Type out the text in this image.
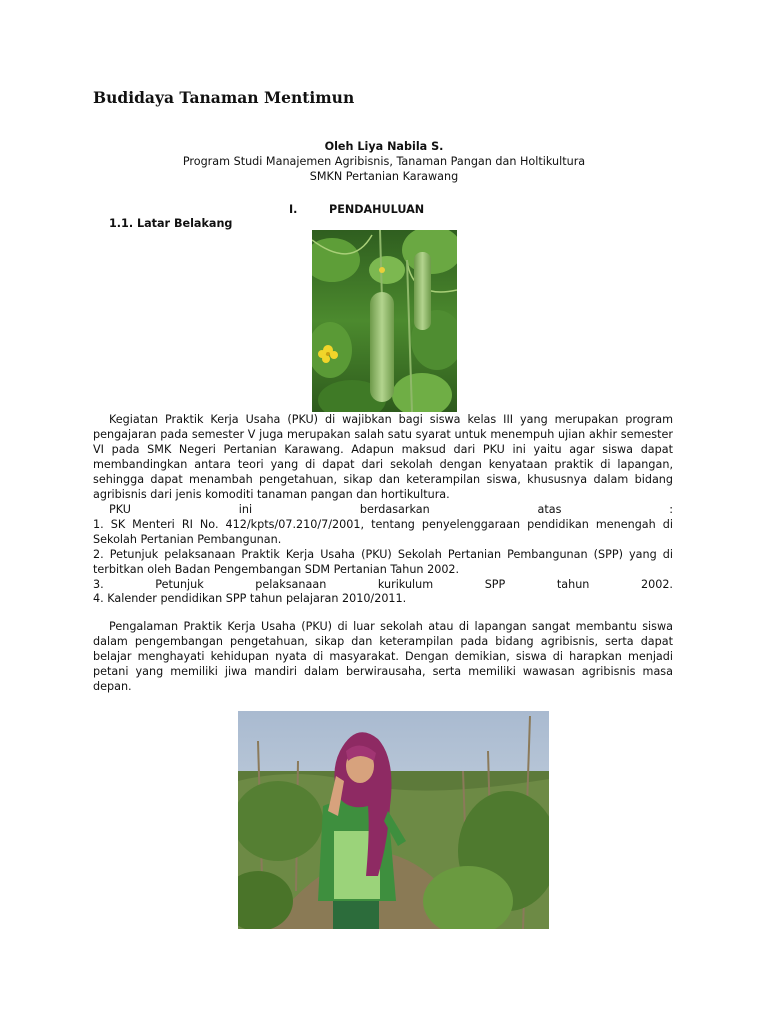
Budidaya Tanaman Mentimun
Oleh Liya Nabila S.
Program Studi Manajemen Agribisnis, Tanaman Pangan dan Holtikultura
SMKN Pertanian Karawang
I.	PENDAHULUAN
1.1. Latar Belakang
Kegiatan Praktik Kerja Usaha (PKU) di wajibkan bagi siswa kelas III yang merupakan program pengajaran pada semester V juga merupakan salah satu syarat untuk menempuh ujian akhir semester VI pada SMK Negeri Pertanian Karawang. Adapun maksud dari PKU ini yaitu agar siswa dapat membandingkan antara teori yang di dapat dari sekolah dengan kenyataan praktik di lapangan, sehingga dapat menambah pengetahuan, sikap dan keterampilan siswa, khususnya dalam bidang agribisnis dari jenis komoditi tanaman pangan dan hortikultura.
PKU ini berdasarkan atas :
1. SK Menteri RI No. 412/kpts/07.210/7/2001, tentang penyelenggaraan pendidikan menengah di Sekolah Pertanian Pembangunan.
2. Petunjuk pelaksanaan Praktik Kerja Usaha (PKU) Sekolah Pertanian Pembangunan (SPP) yang di terbitkan oleh Badan Pengembangan SDM Pertanian Tahun 2002.
3. Petunjuk pelaksanaan kurikulum SPP tahun 2002.
4. Kalender pendidikan SPP tahun pelajaran 2010/2011.
Pengalaman Praktik Kerja Usaha (PKU) di luar sekolah atau di lapangan sangat membantu siswa dalam pengembangan pengetahuan, sikap dan keterampilan pada bidang agribisnis, serta dapat belajar menghayati kehidupan nyata di masyarakat. Dengan demikian, siswa di harapkan menjadi petani yang memiliki jiwa mandiri dalam berwirausaha, serta memiliki wawasan agribisnis masa depan.
